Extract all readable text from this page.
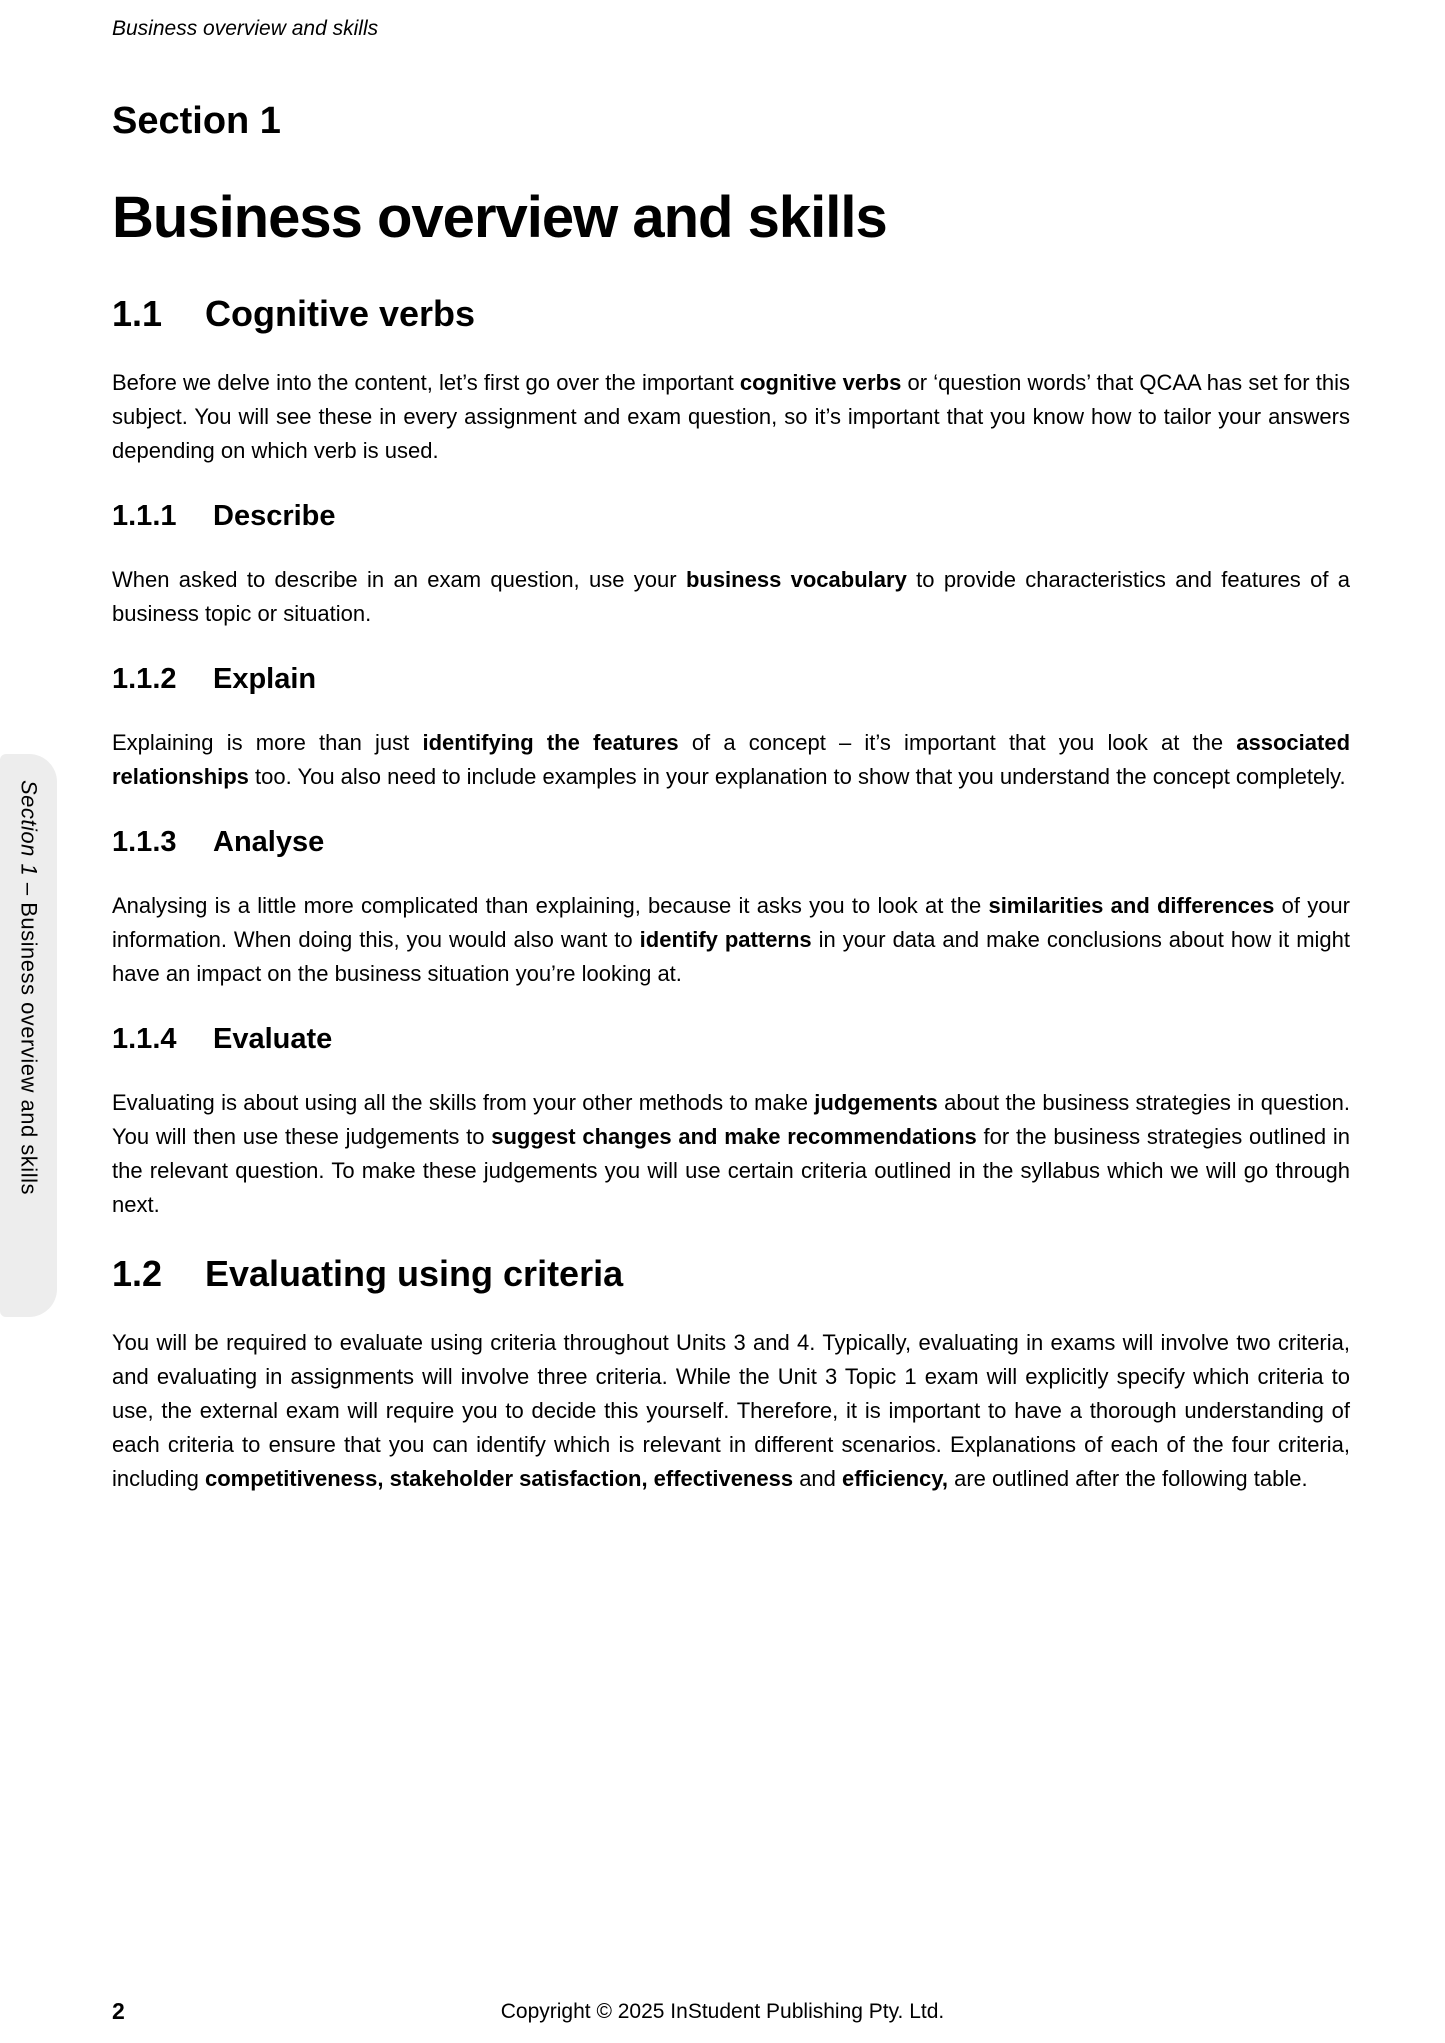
Business overview and skills
Section 1
Business overview and skills
1.1 Cognitive verbs

Before we delve into the content, let’s first go over the important cognitive verbs or ‘question words’ that QCAA has set for this subject. You will see these in every assignment and exam question, so it’s important that you know how to tailor your answers depending on which verb is used.

1.1.1 Describe

When asked to describe in an exam question, use your business vocabulary to provide characteristics and features of a business topic or situation.

1.1.2 Explain

Explaining is more than just identifying the features of a concept – it’s important that you look at the associated relationships too. You also need to include examples in your explanation to show that you understand the concept completely.

1.1.3 Analyse

Analysing is a little more complicated than explaining, because it asks you to look at the similarities and differences of your information. When doing this, you would also want to identify patterns in your data and make conclusions about how it might have an impact on the business situation you’re looking at.

1.1.4 Evaluate

Evaluating is about using all the skills from your other methods to make judgements about the business strategies in question. You will then use these judgements to suggest changes and make recommendations for the business strategies outlined in the relevant question. To make these judgements you will use certain criteria outlined in the syllabus which we will go through next.

1.2 Evaluating using criteria

You will be required to evaluate using criteria throughout Units 3 and 4. Typically, evaluating in exams will involve two criteria, and evaluating in assignments will involve three criteria. While the Unit 3 Topic 1 exam will explicitly specify which criteria to use, the external exam will require you to decide this yourself. Therefore, it is important to have a thorough understanding of each criteria to ensure that you can identify which is relevant in different scenarios. Explanations of each of the four criteria, including competitiveness, stakeholder satisfaction, effectiveness and efficiency, are outlined after the following table.

Section 1 – Business overview and skills
2	Copyright © 2025 InStudent Publishing Pty. Ltd.
